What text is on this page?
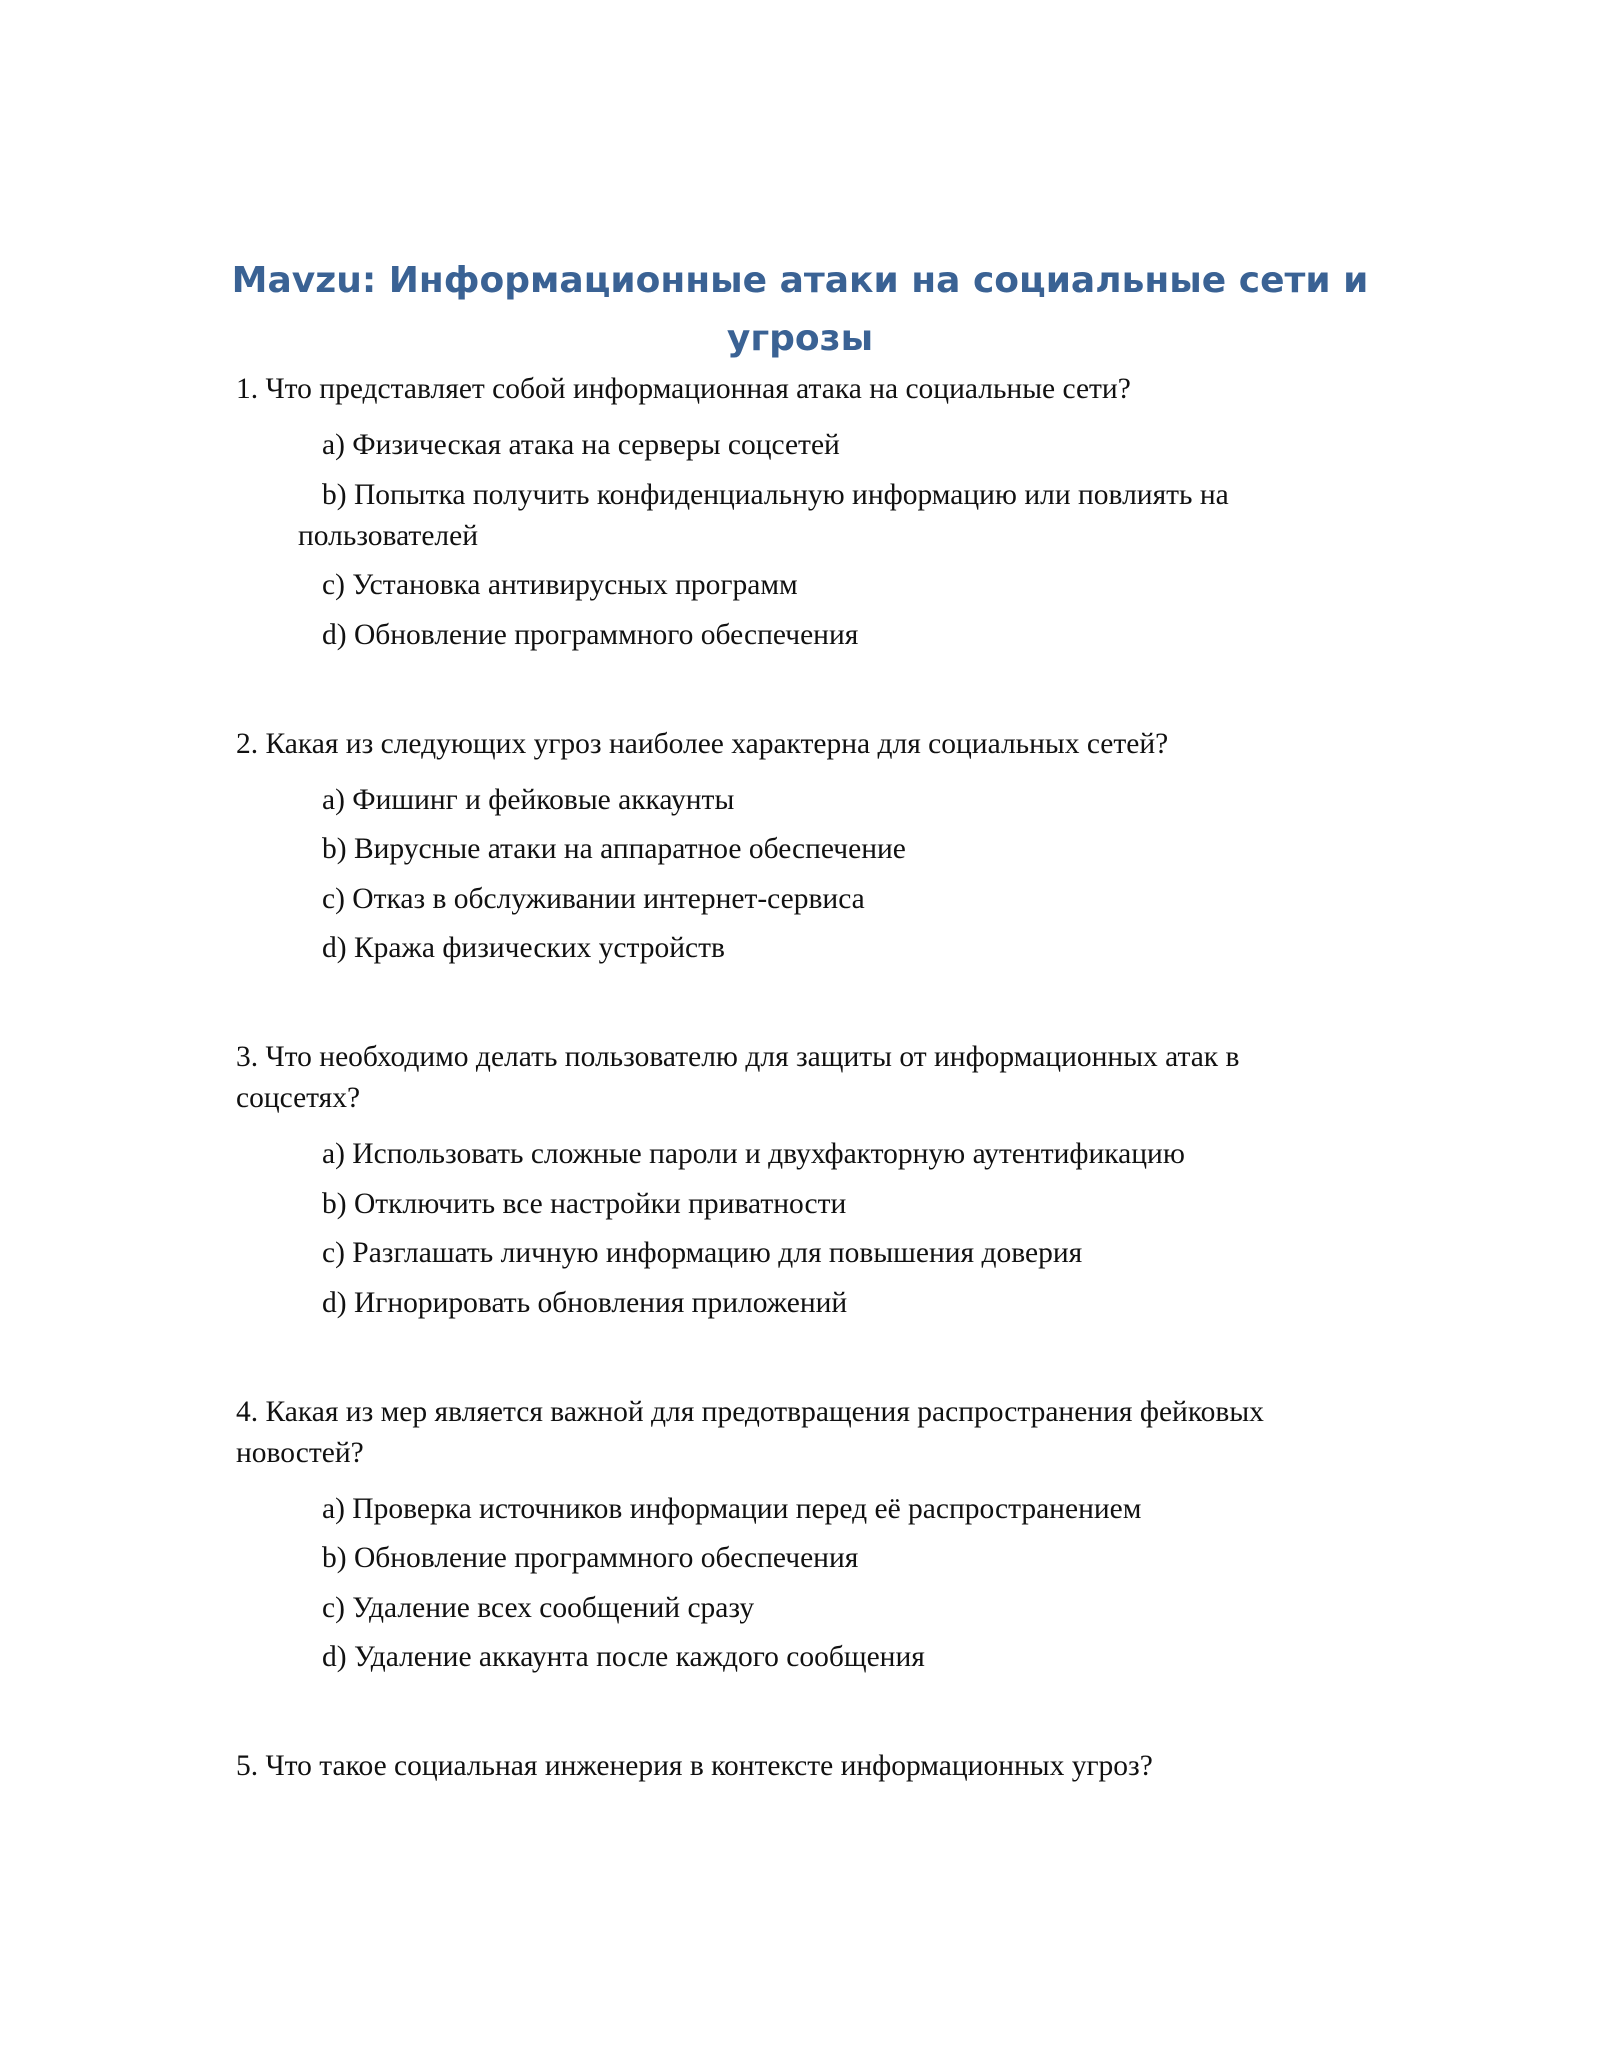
Mavzu: Информационные атаки на социальные сети и угрозы
1. Что представляет собой информационная атака на социальные сети?
a) Физическая атака на серверы соцсетей
b) Попытка получить конфиденциальную информацию или повлиять на пользователей
c) Установка антивирусных программ
d) Обновление программного обеспечения
2. Какая из следующих угроз наиболее характерна для социальных сетей?
a) Фишинг и фейковые аккаунты
b) Вирусные атаки на аппаратное обеспечение
c) Отказ в обслуживании интернет-сервиса
d) Кража физических устройств
3. Что необходимо делать пользователю для защиты от информационных атак в соцсетях?
a) Использовать сложные пароли и двухфакторную аутентификацию
b) Отключить все настройки приватности
c) Разглашать личную информацию для повышения доверия
d) Игнорировать обновления приложений
4. Какая из мер является важной для предотвращения распространения фейковых новостей?
a) Проверка источников информации перед её распространением
b) Обновление программного обеспечения
c) Удаление всех сообщений сразу
d) Удаление аккаунта после каждого сообщения
5. Что такое социальная инженерия в контексте информационных угроз?
